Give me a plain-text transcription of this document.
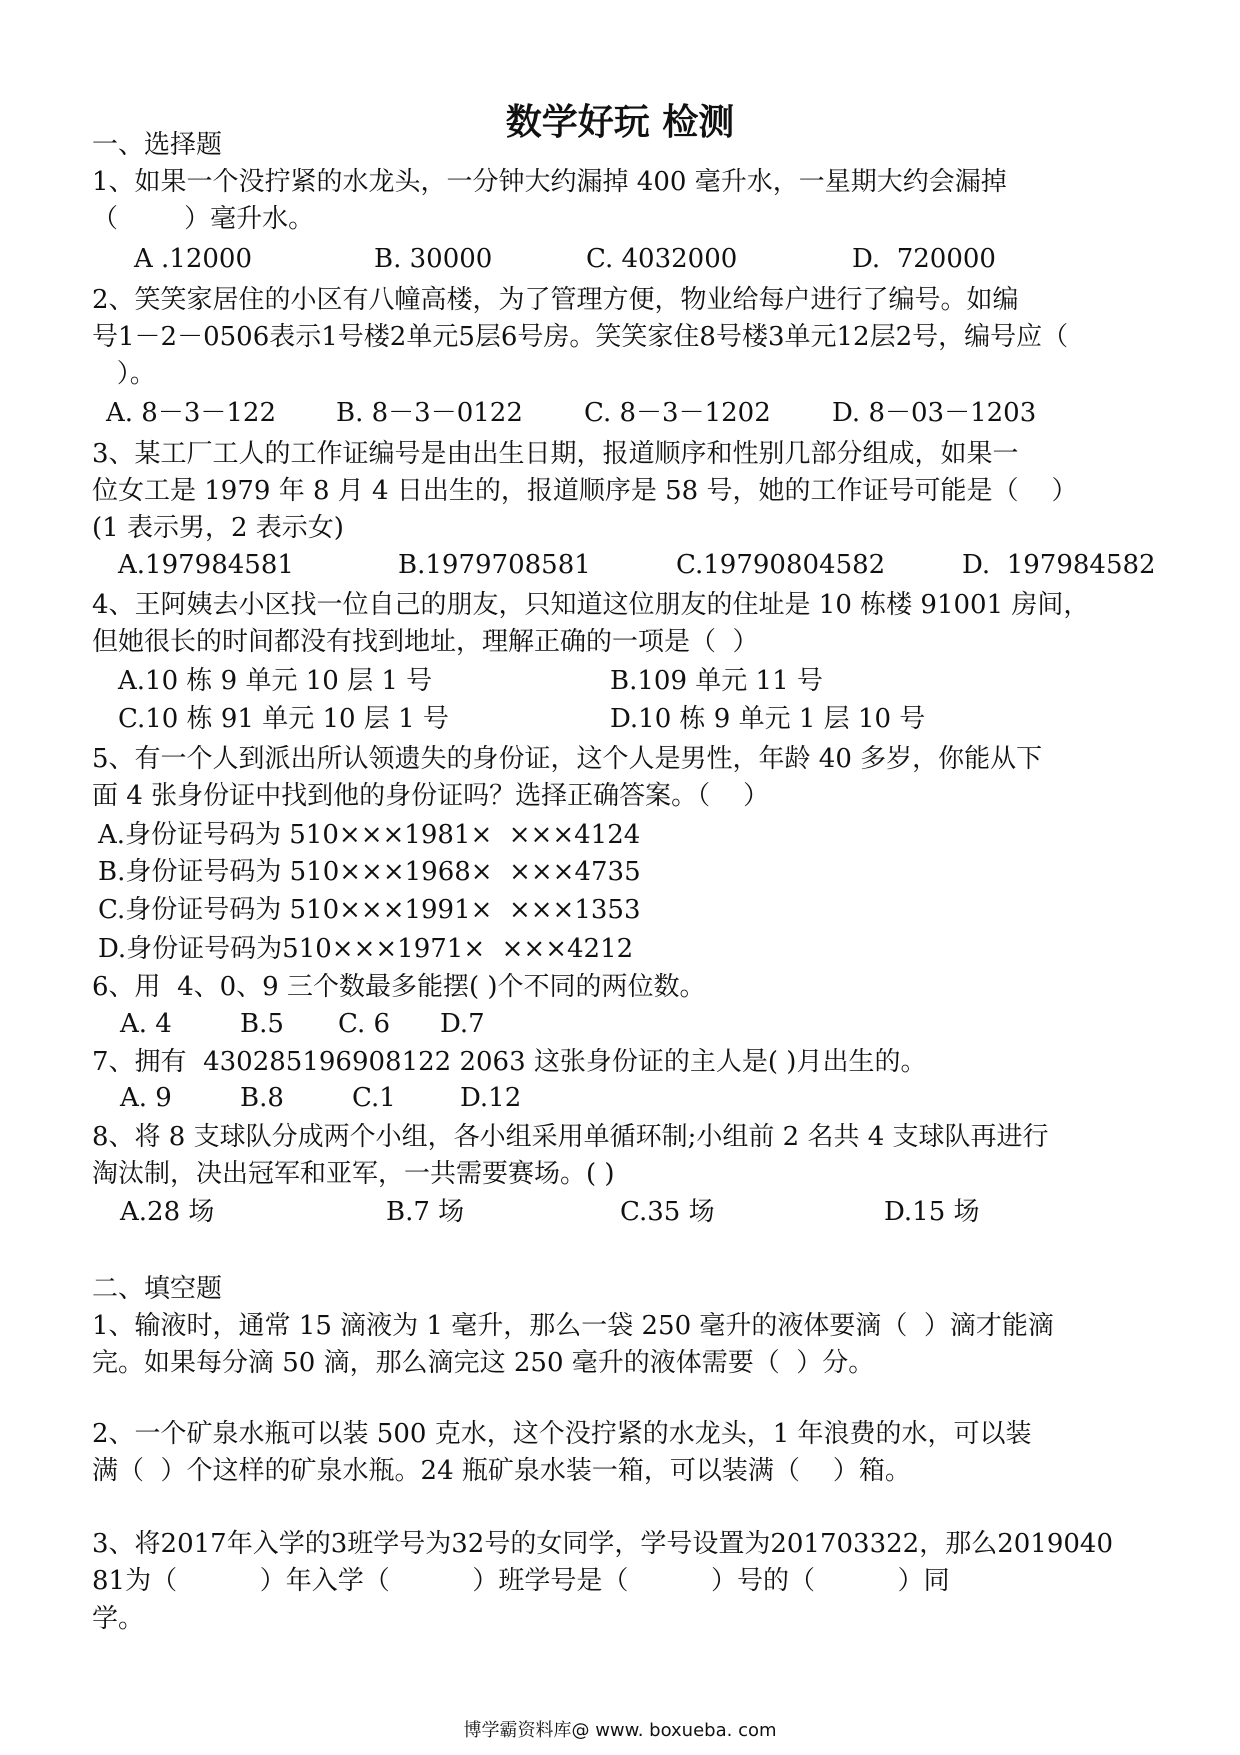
数学好玩 检测
一、选择题
1、如果一个没拧紧的水龙头，一分钟大约漏掉 400 毫升水，一星期大约会漏掉
（        ）毫升水。
A .12000	B. 30000	C. 4032000	D.  720000
2、笑笑家居住的小区有八幢高楼，为了管理方便，物业给每户进行了编号。如编
号1－2－0506表示1号楼2单元5层6号房。笑笑家住8号楼3单元12层2号，编号应（
）。
A. 8－3－122 B. 8－3－0122 C. 8－3－1202 D. 8－03－1203
3、某工厂工人的工作证编号是由出生日期，报道顺序和性别几部分组成，如果一
位女工是 1979 年 8 月 4 日出生的，报道顺序是 58 号，她的工作证号可能是（    ）
(1 表示男，2 表示女)
A.197984581	B.1979708581	C.19790804582	D.  197984582
4、王阿姨去小区找一位自己的朋友，只知道这位朋友的住址是 10 栋楼 91001 房间，
但她很长的时间都没有找到地址，理解正确的一项是（  ）
A.10 栋 9 单元 10 层 1 号	B.109 单元 11 号
C.10 栋 91 单元 10 层 1 号	D.10 栋 9 单元 1 层 10 号
5、有一个人到派出所认领遗失的身份证，这个人是男性，年龄 40 多岁，你能从下
面 4 张身份证中找到他的身份证吗？选择正确答案。（    ）
A.身份证号码为 510×××1981×  ×××4124
B.身份证号码为 510×××1968×  ×××4735
C.身份证号码为 510×××1991×  ×××1353
D.身份证号码为510×××1971×  ×××4212
6、用  4、0、9 三个数最多能摆( )个不同的两位数。
A. 4	B.5 C. 6 D.7
7、拥有  430285196908122 2063 这张身份证的主人是( )月出生的。
A. 9	B.8	C.1 D.12
8、将 8 支球队分成两个小组，各小组采用单循环制;小组前 2 名共 4 支球队再进行
淘汰制，决出冠军和亚军，一共需要赛场。( )
A.28 场	B.7 场	C.35 场	D.15 场
二、填空题
1、输液时，通常 15 滴液为 1 毫升，那么一袋 250 毫升的液体要滴（  ）滴才能滴
完。如果每分滴 50 滴，那么滴完这 250 毫升的液体需要（  ）分。
2、一个矿泉水瓶可以装 500 克水，这个没拧紧的水龙头，1 年浪费的水，可以装
满（  ）个这样的矿泉水瓶。24 瓶矿泉水装一箱，可以装满（    ）箱。
3、将2017年入学的3班学号为32号的女同学，学号设置为201703322，那么2019040
81为（          ）年入学（          ）班学号是（          ）号的（          ）同
学。
博学霸资料库@ www. boxueba. com
